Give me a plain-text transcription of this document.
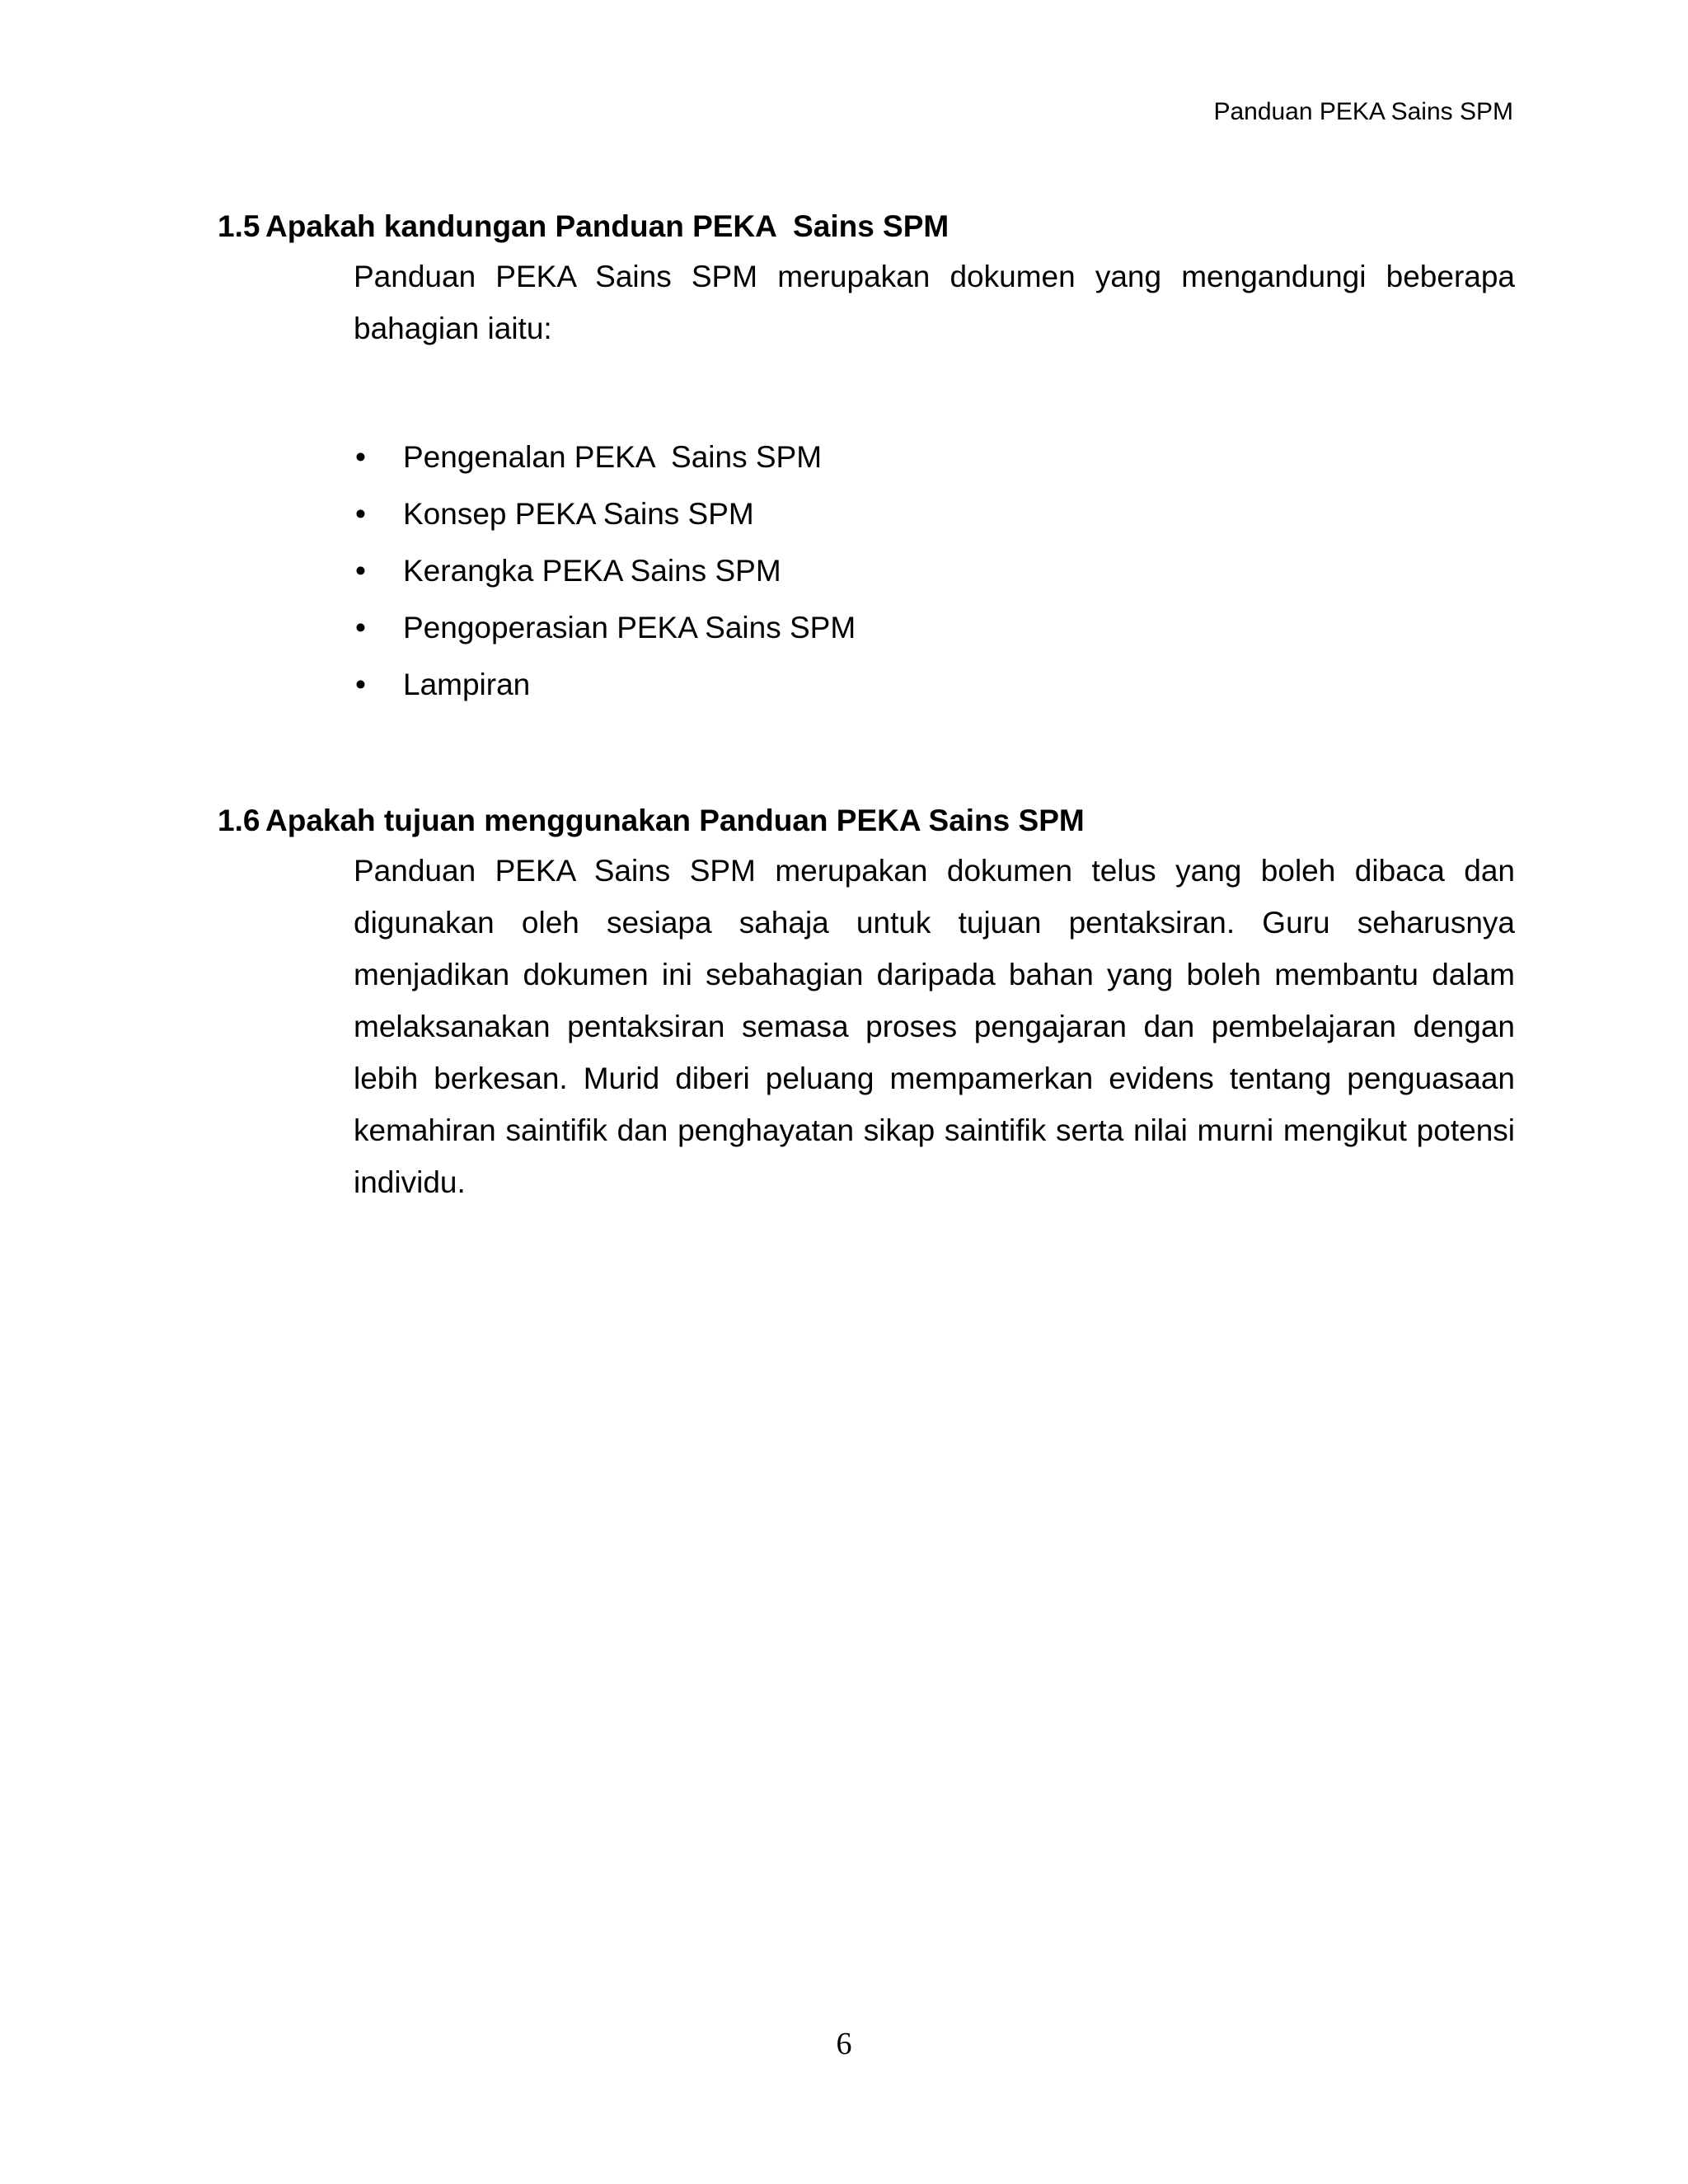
Panduan PEKA Sains SPM
1.5 Apakah kandungan Panduan PEKA  Sains SPM
Panduan PEKA Sains SPM merupakan dokumen yang mengandungi beberapa bahagian iaitu:
• Pengenalan PEKA  Sains SPM
• Konsep PEKA Sains SPM
• Kerangka PEKA Sains SPM
• Pengoperasian PEKA Sains SPM
• Lampiran
1.6 Apakah tujuan menggunakan Panduan PEKA Sains SPM
Panduan PEKA Sains SPM merupakan dokumen telus yang boleh dibaca dan digunakan oleh sesiapa sahaja untuk tujuan pentaksiran. Guru seharusnya menjadikan dokumen ini sebahagian daripada bahan yang boleh membantu dalam melaksanakan pentaksiran semasa proses pengajaran dan pembelajaran dengan lebih berkesan. Murid diberi peluang mempamerkan evidens tentang penguasaan kemahiran saintifik dan penghayatan sikap saintifik serta nilai murni mengikut potensi individu.
6
